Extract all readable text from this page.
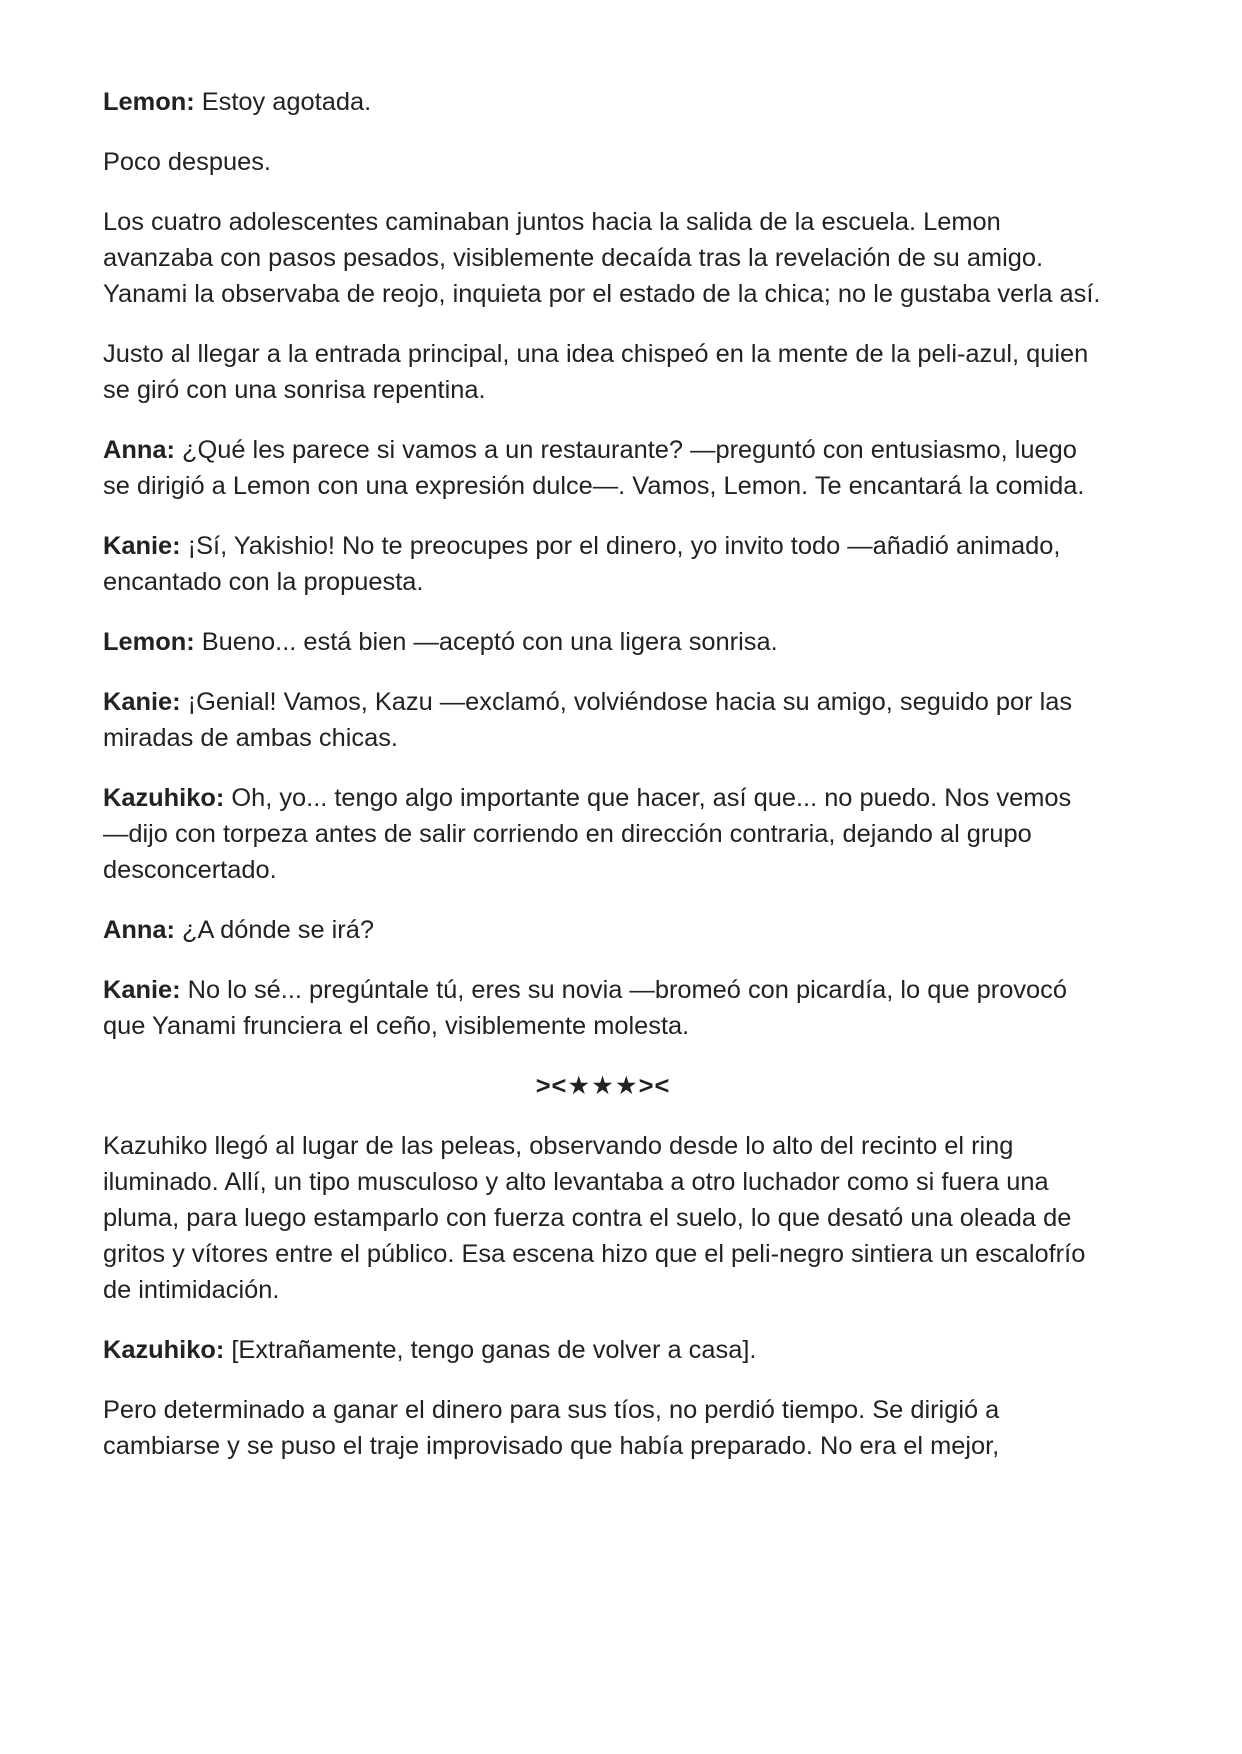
Lemon: Estoy agotada.

Poco despues.

Los cuatro adolescentes caminaban juntos hacia la salida de la escuela. Lemon avanzaba con pasos pesados, visiblemente decaída tras la revelación de su amigo. Yanami la observaba de reojo, inquieta por el estado de la chica; no le gustaba verla así.

Justo al llegar a la entrada principal, una idea chispeó en la mente de la peli-azul, quien se giró con una sonrisa repentina.

Anna: ¿Qué les parece si vamos a un restaurante? —preguntó con entusiasmo, luego se dirigió a Lemon con una expresión dulce—. Vamos, Lemon. Te encantará la comida.

Kanie: ¡Sí, Yakishio! No te preocupes por el dinero, yo invito todo —añadió animado, encantado con la propuesta.

Lemon: Bueno... está bien —aceptó con una ligera sonrisa.

Kanie: ¡Genial! Vamos, Kazu —exclamó, volviéndose hacia su amigo, seguido por las miradas de ambas chicas.

Kazuhiko: Oh, yo... tengo algo importante que hacer, así que... no puedo. Nos vemos —dijo con torpeza antes de salir corriendo en dirección contraria, dejando al grupo desconcertado.

Anna: ¿A dónde se irá?

Kanie: No lo sé... pregúntale tú, eres su novia —bromeó con picardía, lo que provocó que Yanami frunciera el ceño, visiblemente molesta.

><★★★><

Kazuhiko llegó al lugar de las peleas, observando desde lo alto del recinto el ring iluminado. Allí, un tipo musculoso y alto levantaba a otro luchador como si fuera una pluma, para luego estamparlo con fuerza contra el suelo, lo que desató una oleada de gritos y vítores entre el público. Esa escena hizo que el peli-negro sintiera un escalofrío de intimidación.

Kazuhiko: [Extrañamente, tengo ganas de volver a casa].

Pero determinado a ganar el dinero para sus tíos, no perdió tiempo. Se dirigió a cambiarse y se puso el traje improvisado que había preparado. No era el mejor,
